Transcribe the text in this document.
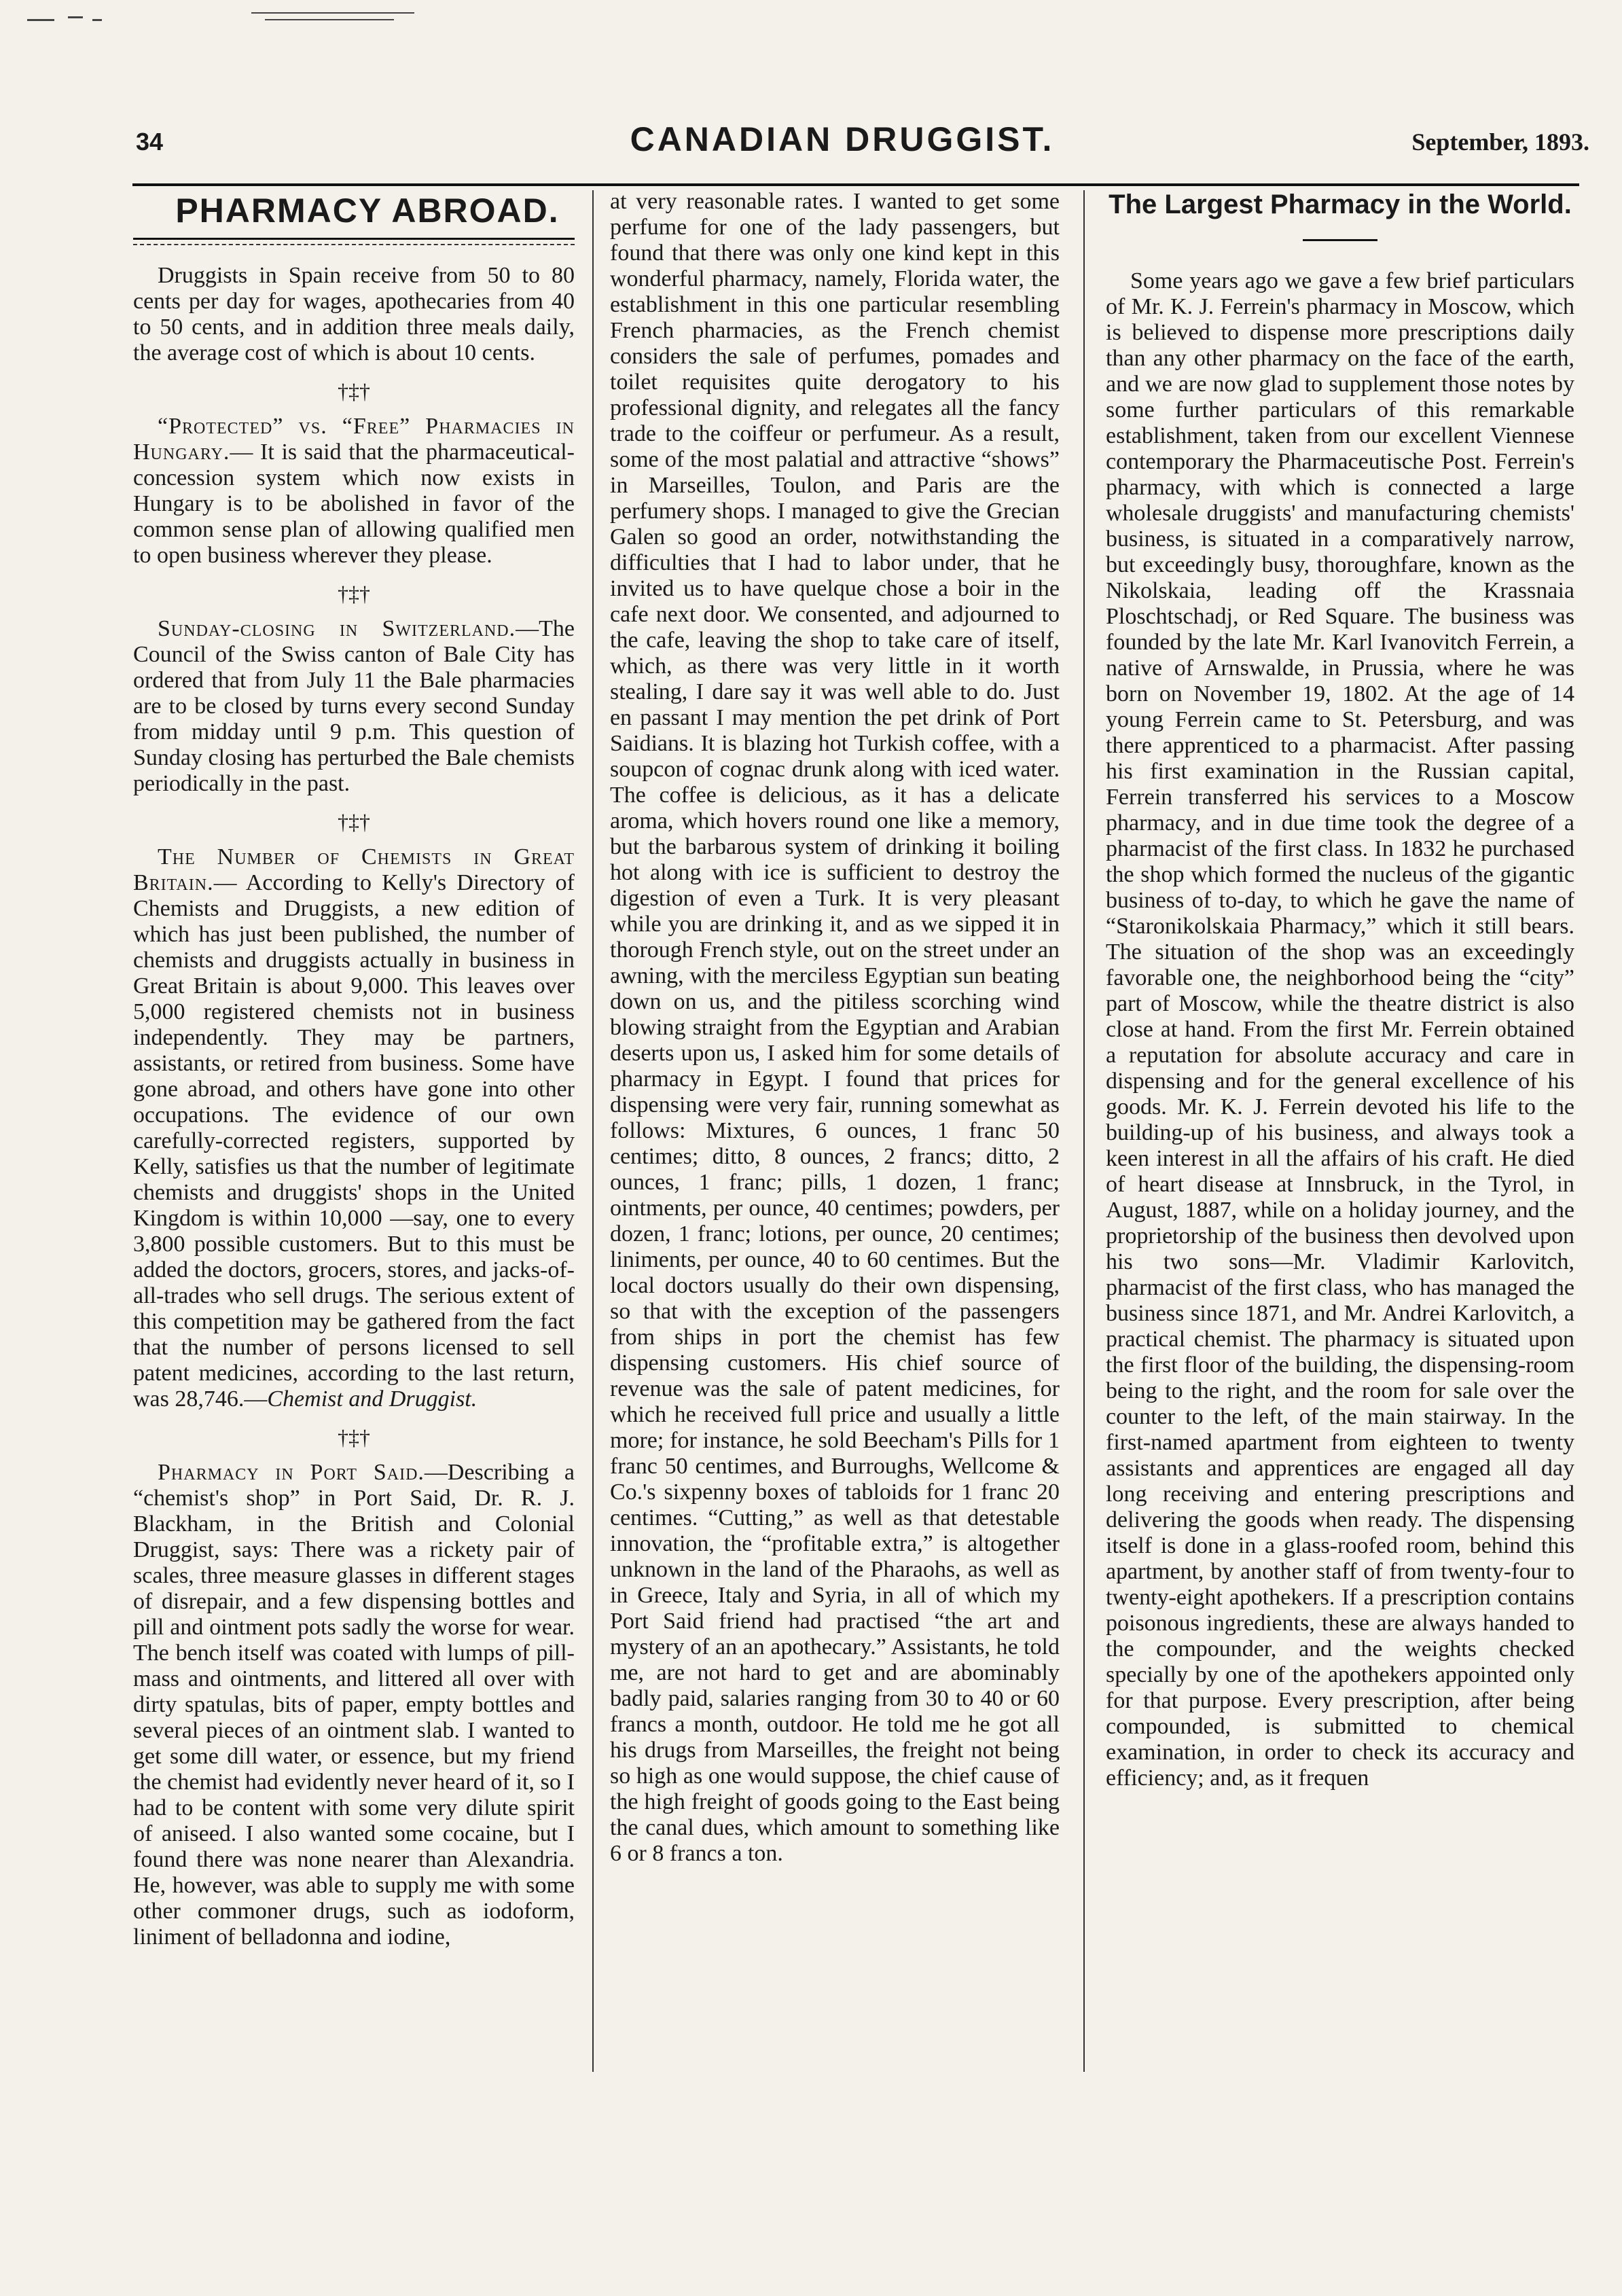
34	CANADIAN DRUGGIST.	September, 1893.
PHARMACY ABROAD.

Druggists in Spain receive from 50 to 80 cents per day for wages, apothecaries from 40 to 50 cents, and in addition three meals daily, the average cost of which is about 10 cents.

†‡†

“Protected” vs. “Free” Pharmacies in Hungary.— It is said that the pharmaceutical-concession system which now exists in Hungary is to be abolished in favor of the common sense plan of allowing qualified men to open business wherever they please.

†‡†

Sunday-closing in Switzerland.—The Council of the Swiss canton of Bale City has ordered that from July 11 the Bale pharmacies are to be closed by turns every second Sunday from midday until 9 p.m. This question of Sunday closing has perturbed the Bale chemists periodically in the past.

†‡†

The Number of Chemists in Great Britain.— According to Kelly's Directory of Chemists and Druggists, a new edition of which has just been published, the number of chemists and druggists actually in business in Great Britain is about 9,000. This leaves over 5,000 registered chemists not in business independently. They may be partners, assistants, or retired from business. Some have gone abroad, and others have gone into other occupations. The evidence of our own carefully-corrected registers, supported by Kelly, satisfies us that the number of legitimate chemists and druggists' shops in the United Kingdom is within 10,000 —say, one to every 3,800 possible customers. But to this must be added the doctors, grocers, stores, and jacks-of-all-trades who sell drugs. The serious extent of this competition may be gathered from the fact that the number of persons licensed to sell patent medicines, according to the last return, was 28,746.—Chemist and Druggist.

†‡†

Pharmacy in Port Said.—Describing a “chemist's shop” in Port Said, Dr. R. J. Blackham, in the British and Colonial Druggist, says: There was a rickety pair of scales, three measure glasses in different stages of disrepair, and a few dispensing bottles and pill and ointment pots sadly the worse for wear. The bench itself was coated with lumps of pill-mass and ointments, and littered all over with dirty spatulas, bits of paper, empty bottles and several pieces of an ointment slab. I wanted to get some dill water, or essence, but my friend the chemist had evidently never heard of it, so I had to be content with some very dilute spirit of aniseed. I also wanted some cocaine, but I found there was none nearer than Alexandria. He, however, was able to supply me with some other commoner drugs, such as iodoform, liniment of belladonna and iodine,

at very reasonable rates. I wanted to get some perfume for one of the lady passengers, but found that there was only one kind kept in this wonderful pharmacy, namely, Florida water, the establishment in this one particular resembling French pharmacies, as the French chemist considers the sale of perfumes, pomades and toilet requisites quite derogatory to his professional dignity, and relegates all the fancy trade to the coiffeur or perfumeur. As a result, some of the most palatial and attractive “shows” in Marseilles, Toulon, and Paris are the perfumery shops. I managed to give the Grecian Galen so good an order, notwithstanding the difficulties that I had to labor under, that he invited us to have quelque chose a boir in the cafe next door. We consented, and adjourned to the cafe, leaving the shop to take care of itself, which, as there was very little in it worth stealing, I dare say it was well able to do. Just en passant I may mention the pet drink of Port Saidians. It is blazing hot Turkish coffee, with a soupcon of cognac drunk along with iced water. The coffee is delicious, as it has a delicate aroma, which hovers round one like a memory, but the barbarous system of drinking it boiling hot along with ice is sufficient to destroy the digestion of even a Turk. It is very pleasant while you are drinking it, and as we sipped it in thorough French style, out on the street under an awning, with the merciless Egyptian sun beating down on us, and the pitiless scorching wind blowing straight from the Egyptian and Arabian deserts upon us, I asked him for some details of pharmacy in Egypt. I found that prices for dispensing were very fair, running somewhat as follows: Mixtures, 6 ounces, 1 franc 50 centimes; ditto, 8 ounces, 2 francs; ditto, 2 ounces, 1 franc; pills, 1 dozen, 1 franc; ointments, per ounce, 40 centimes; powders, per dozen, 1 franc; lotions, per ounce, 20 centimes; liniments, per ounce, 40 to 60 centimes. But the local doctors usually do their own dispensing, so that with the exception of the passengers from ships in port the chemist has few dispensing customers. His chief source of revenue was the sale of patent medicines, for which he received full price and usually a little more; for instance, he sold Beecham's Pills for 1 franc 50 centimes, and Burroughs, Wellcome & Co.'s sixpenny boxes of tabloids for 1 franc 20 centimes. “Cutting,” as well as that detestable innovation, the “profitable extra,” is altogether unknown in the land of the Pharaohs, as well as in Greece, Italy and Syria, in all of which my Port Said friend had practised “the art and mystery of an an apothecary.” Assistants, he told me, are not hard to get and are abominably badly paid, salaries ranging from 30 to 40 or 60 francs a month, outdoor. He told me he got all his drugs from Marseilles, the freight not being so high as one would suppose, the chief cause of the high freight of goods going to the East being the canal dues, which amount to something like 6 or 8 francs a ton.

The Largest Pharmacy in the World.

Some years ago we gave a few brief particulars of Mr. K. J. Ferrein's pharmacy in Moscow, which is believed to dispense more prescriptions daily than any other pharmacy on the face of the earth, and we are now glad to supplement those notes by some further particulars of this remarkable establishment, taken from our excellent Viennese contemporary the Pharmaceutische Post. Ferrein's pharmacy, with which is connected a large wholesale druggists' and manufacturing chemists' business, is situated in a comparatively narrow, but exceedingly busy, thoroughfare, known as the Nikolskaia, leading off the Krassnaia Ploschtschadj, or Red Square. The business was founded by the late Mr. Karl Ivanovitch Ferrein, a native of Arnswalde, in Prussia, where he was born on November 19, 1802. At the age of 14 young Ferrein came to St. Petersburg, and was there apprenticed to a pharmacist. After passing his first examination in the Russian capital, Ferrein transferred his services to a Moscow pharmacy, and in due time took the degree of a pharmacist of the first class. In 1832 he purchased the shop which formed the nucleus of the gigantic business of to-day, to which he gave the name of “Staronikolskaia Pharmacy,” which it still bears. The situation of the shop was an exceedingly favorable one, the neighborhood being the “city” part of Moscow, while the theatre district is also close at hand. From the first Mr. Ferrein obtained a reputation for absolute accuracy and care in dispensing and for the general excellence of his goods. Mr. K. J. Ferrein devoted his life to the building-up of his business, and always took a keen interest in all the affairs of his craft. He died of heart disease at Innsbruck, in the Tyrol, in August, 1887, while on a holiday journey, and the proprietorship of the business then devolved upon his two sons—Mr. Vladimir Karlovitch, pharmacist of the first class, who has managed the business since 1871, and Mr. Andrei Karlovitch, a practical chemist. The pharmacy is situated upon the first floor of the building, the dispensing-room being to the right, and the room for sale over the counter to the left, of the main stairway. In the first-named apartment from eighteen to twenty assistants and apprentices are engaged all day long receiving and entering prescriptions and delivering the goods when ready. The dispensing itself is done in a glass-roofed room, behind this apartment, by another staff of from twenty-four to twenty-eight apothekers. If a prescription contains poisonous ingredients, these are always handed to the compounder, and the weights checked specially by one of the apothekers appointed only for that purpose. Every prescription, after being compounded, is submitted to chemical examination, in order to check its accuracy and efficiency; and, as it frequen
